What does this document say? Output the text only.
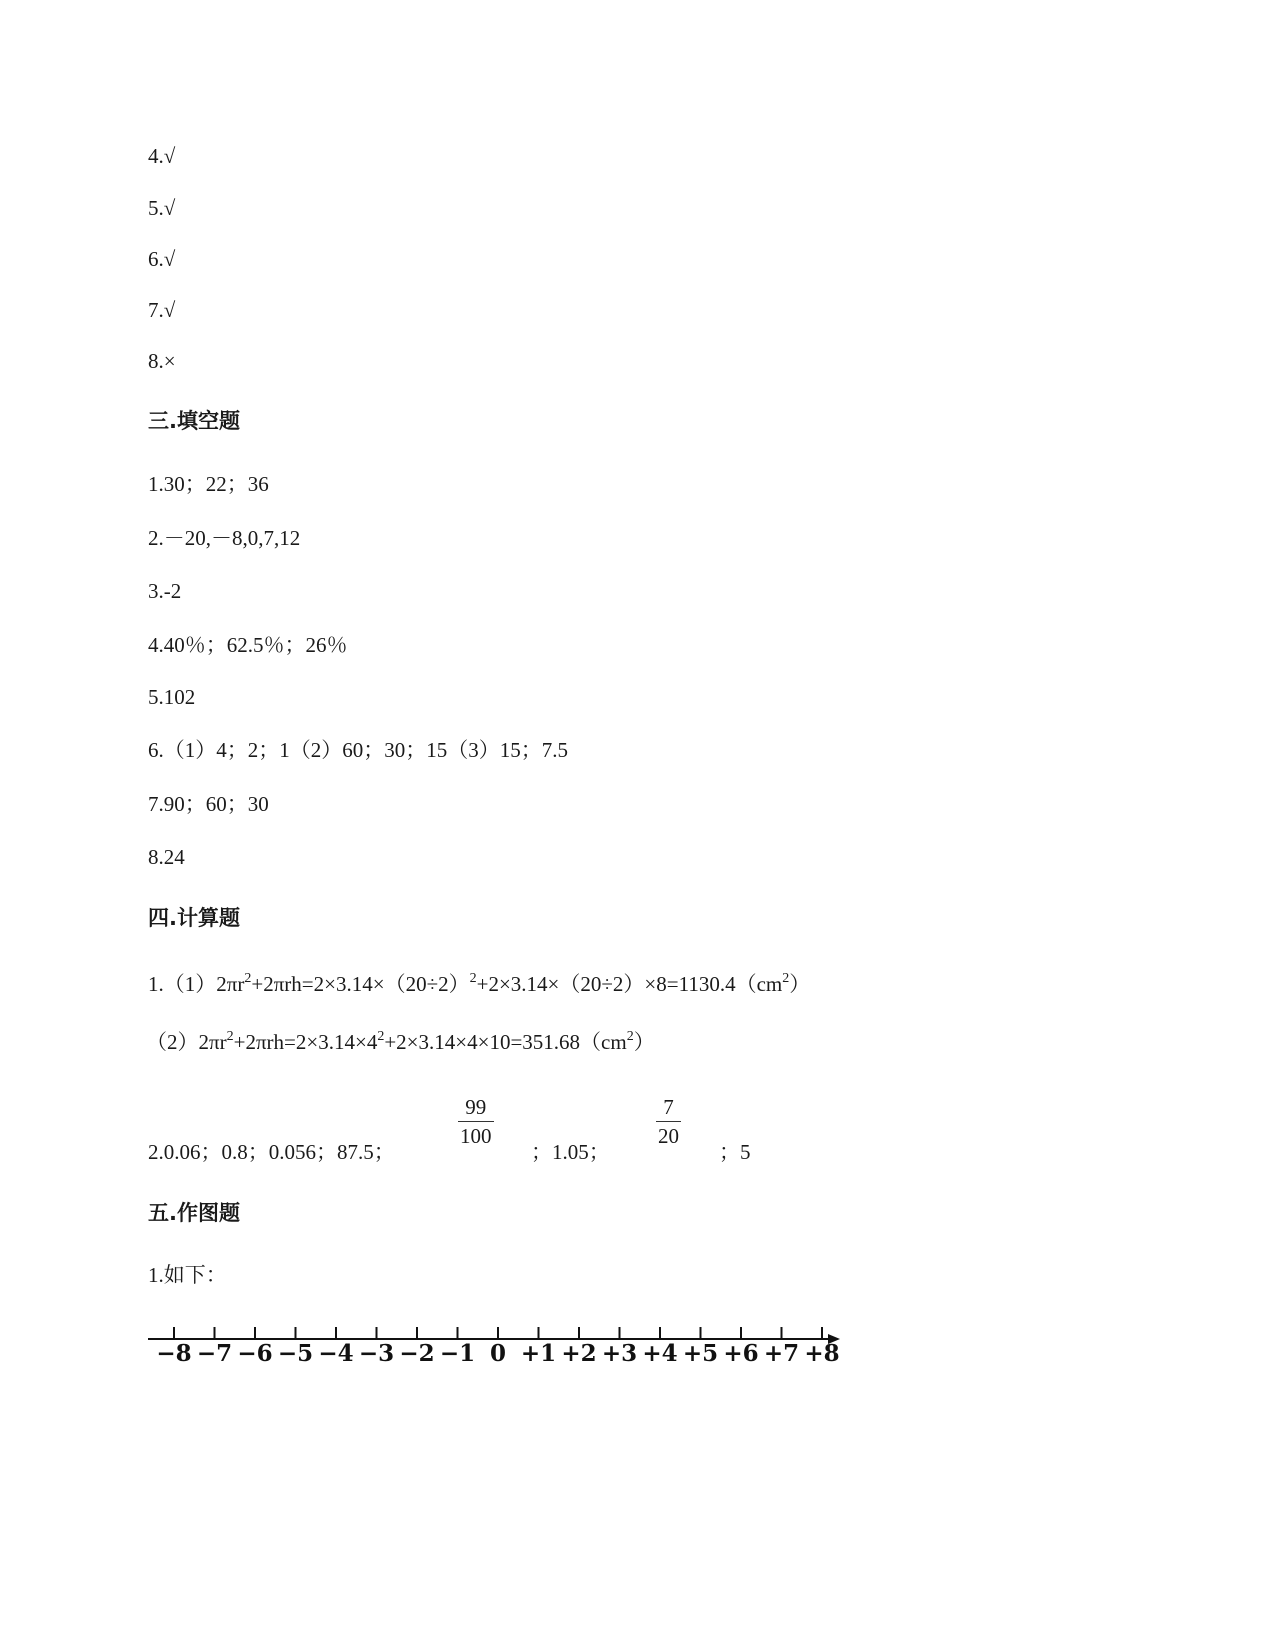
4.√
5.√
6.√
7.√
8.×
三.填空题
1.30；22；36
2.－20,－8,0,7,12
3.-2
4.40％；62.5％；26％
5.102
6.（1）4；2；1（2）60；30；15（3）15；7.5
7.90；60；30
8.24
四.计算题
$1.(1)2\pi r^2+2\pi rh=2\times 3.14\times(20\div 2)^2+2\times 3.14\times(20\div 2)\times 8=1130.4(cm^2)$
$(2)2\pi r^2+2\pi rh=2\times 3.14\times 4^2+2\times 3.14\times 4\times 10=351.68(cm^2)$
2.0.06；0.8；0.056；87.5；
99
100
；1.05；
7
20
；5
五.作图题
1.如下：
−8 −7 −6 −5 −4 −3 −2 −1 0 +1 +2 +3 +4 +5 +6 +7 +8
